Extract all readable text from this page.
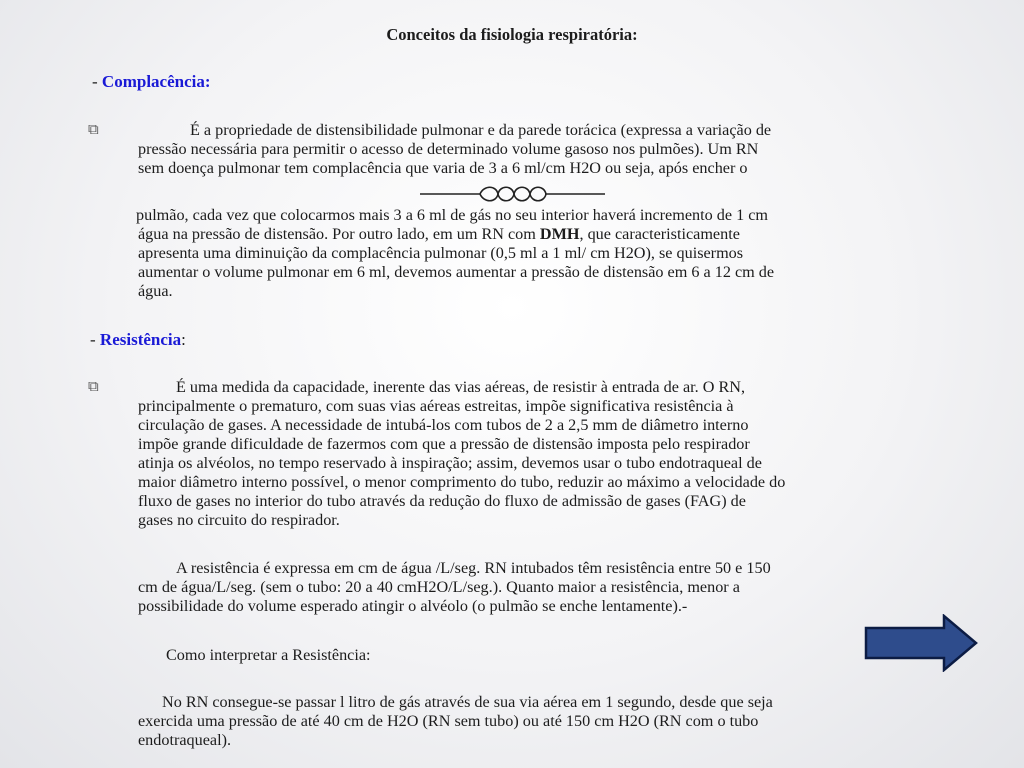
Conceitos da fisiologia respiratória:
- Complacência:
⧉	É a propriedade de distensibilidade pulmonar e da parede torácica (expressa a variação de
pressão necessária para permitir o acesso de determinado volume gasoso nos pulmões). Um RN
sem doença pulmonar tem complacência que varia de 3 a 6 ml/cm H2O ou seja, após encher o
pulmão, cada vez que colocarmos mais 3 a 6 ml de gás no seu interior haverá incremento de 1 cm
água na pressão de distensão. Por outro lado, em um RN com DMH, que caracteristicamente
apresenta uma diminuição da complacência pulmonar (0,5 ml a 1 ml/ cm H2O), se quisermos
aumentar o volume pulmonar em 6 ml, devemos aumentar a pressão de distensão em 6 a 12 cm de
água.
- Resistência:
⧉	É uma medida da capacidade, inerente das vias aéreas, de resistir à entrada de ar. O RN,
principalmente o prematuro, com suas vias aéreas estreitas, impõe significativa resistência à
circulação de gases. A necessidade de intubá-los com tubos de 2 a 2,5 mm de diâmetro interno
impõe grande dificuldade de fazermos com que a pressão de distensão imposta pelo respirador
atinja os alvéolos, no tempo reservado à inspiração; assim, devemos usar o tubo endotraqueal de
maior diâmetro interno possível, o menor comprimento do tubo, reduzir ao máximo a velocidade do
fluxo de gases no interior do tubo através da redução do fluxo de admissão de gases (FAG) de
gases no circuito do respirador.
A resistência é expressa em cm de água /L/seg. RN intubados têm resistência entre 50 e 150
cm de água/L/seg. (sem o tubo: 20 a 40 cmH2O/L/seg.). Quanto maior a resistência, menor a
possibilidade do volume esperado atingir o alvéolo (o pulmão se enche lentamente).-
Como interpretar a Resistência:
No RN consegue-se passar l litro de gás através de sua via aérea em 1 segundo, desde que seja
exercida uma pressão de até 40 cm de H2O (RN sem tubo) ou até 150 cm H2O (RN com o tubo
endotraqueal).
